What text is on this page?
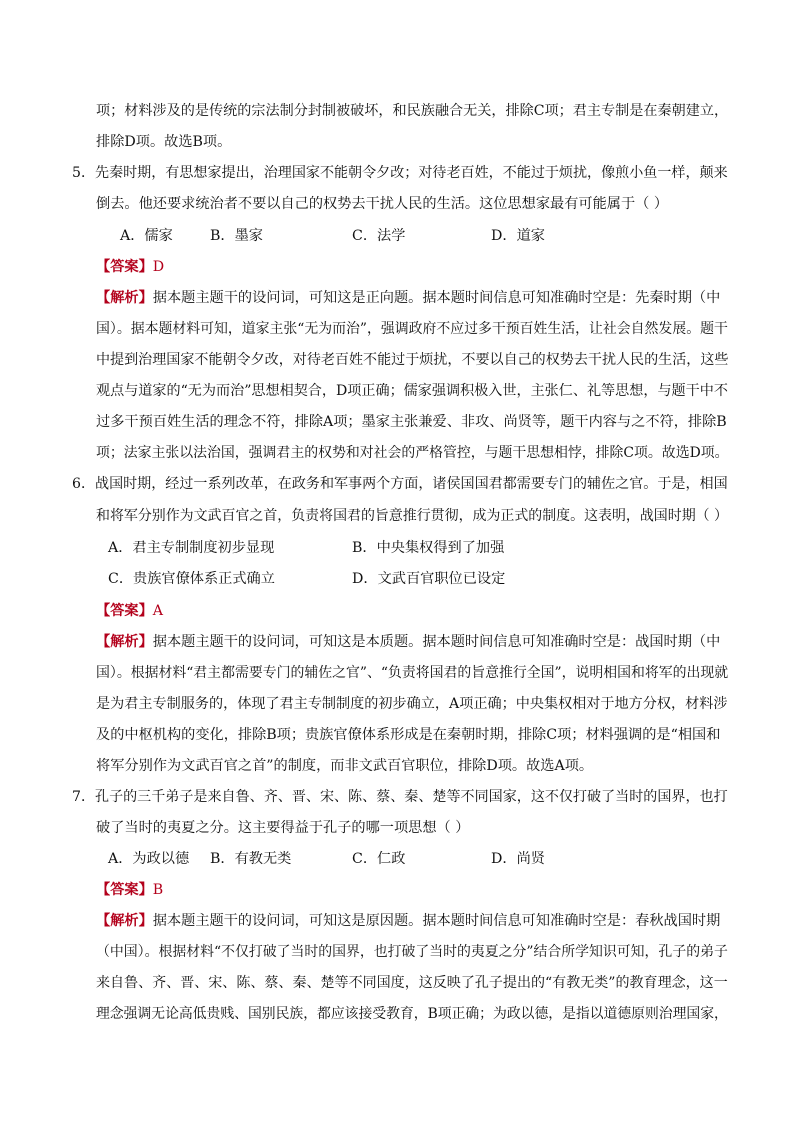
项；材料涉及的是传统的宗法制分封制被破坏，和民族融合无关，排除C项；君主专制是在秦朝建立，
排除D项。故选B项。
5．先秦时期，有思想家提出，治理国家不能朝令夕改；对待老百姓，不能过于烦扰，像煎小鱼一样，颠来
倒去。他还要求统治者不要以自己的权势去干扰人民的生活。这位思想家最有可能属于（ ）
A．儒家	B．墨家	C．法学	D．道家
【答案】D
【解析】据本题主题干的设问词，可知这是正向题。据本题时间信息可知准确时空是：先秦时期（中
国）。据本题材料可知，道家主张“无为而治”，强调政府不应过多干预百姓生活，让社会自然发展。题干
中提到治理国家不能朝令夕改，对待老百姓不能过于烦扰，不要以自己的权势去干扰人民的生活，这些
观点与道家的“无为而治”思想相契合，D项正确；儒家强调积极入世，主张仁、礼等思想，与题干中不
过多干预百姓生活的理念不符，排除A项；墨家主张兼爱、非攻、尚贤等，题干内容与之不符，排除B
项；法家主张以法治国，强调君主的权势和对社会的严格管控，与题干思想相悖，排除C项。故选D项。
6．战国时期，经过一系列改革，在政务和军事两个方面，诸侯国国君都需要专门的辅佐之官。于是，相国
和将军分别作为文武百官之首，负责将国君的旨意推行贯彻，成为正式的制度。这表明，战国时期（ ）
A．君主专制制度初步显现	B．中央集权得到了加强
C．贵族官僚体系正式确立	D．文武百官职位已设定
【答案】A
【解析】据本题主题干的设问词，可知这是本质题。据本题时间信息可知准确时空是：战国时期（中
国）。根据材料“君主都需要专门的辅佐之官”、“负责将国君的旨意推行全国”，说明相国和将军的出现就
是为君主专制服务的，体现了君主专制制度的初步确立，A项正确；中央集权相对于地方分权，材料涉
及的中枢机构的变化，排除B项；贵族官僚体系形成是在秦朝时期，排除C项；材料强调的是“相国和
将军分别作为文武百官之首”的制度，而非文武百官职位，排除D项。故选A项。
7．孔子的三千弟子是来自鲁、齐、晋、宋、陈、蔡、秦、楚等不同国家，这不仅打破了当时的国界，也打
破了当时的夷夏之分。这主要得益于孔子的哪一项思想（ ）
A．为政以德 B．有教无类	C．仁政	D．尚贤
【答案】B
【解析】据本题主题干的设问词，可知这是原因题。据本题时间信息可知准确时空是：春秋战国时期
（中国）。根据材料“不仅打破了当时的国界，也打破了当时的夷夏之分”结合所学知识可知，孔子的弟子
来自鲁、齐、晋、宋、陈、蔡、秦、楚等不同国度，这反映了孔子提出的“有教无类”的教育理念，这一
理念强调无论高低贵贱、国别民族，都应该接受教育，B项正确；为政以德，是指以道德原则治理国家，
